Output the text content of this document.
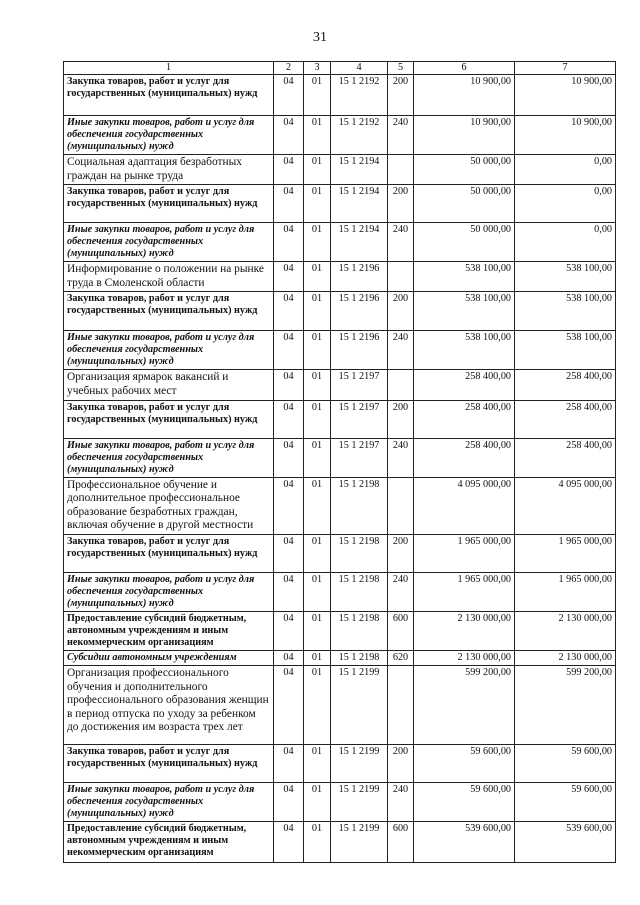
31
1	2	3	4	5	6	7
Закупка товаров, работ и услуг для государственных (муниципальных) нужд	04	01	15 1 2192	200	10 900,00	10 900,00
Иные закупки товаров, работ и услуг для обеспечения государственных (муниципальных) нужд	04	01	15 1 2192	240	10 900,00	10 900,00
Социальная адаптация безработных граждан на рынке труда	04	01	15 1 2194		50 000,00	0,00
Закупка товаров, работ и услуг для государственных (муниципальных) нужд	04	01	15 1 2194	200	50 000,00	0,00
Иные закупки товаров, работ и услуг для обеспечения государственных (муниципальных) нужд	04	01	15 1 2194	240	50 000,00	0,00
Информирование о положении на рынке труда в Смоленской области	04	01	15 1 2196		538 100,00	538 100,00
Закупка товаров, работ и услуг для государственных (муниципальных) нужд	04	01	15 1 2196	200	538 100,00	538 100,00
Иные закупки товаров, работ и услуг для обеспечения государственных (муниципальных) нужд	04	01	15 1 2196	240	538 100,00	538 100,00
Организация ярмарок вакансий и учебных рабочих мест	04	01	15 1 2197		258 400,00	258 400,00
Закупка товаров, работ и услуг для государственных (муниципальных) нужд	04	01	15 1 2197	200	258 400,00	258 400,00
Иные закупки товаров, работ и услуг для обеспечения государственных (муниципальных) нужд	04	01	15 1 2197	240	258 400,00	258 400,00
Профессиональное обучение и дополнительное профессиональное образование безработных граждан, включая обучение в другой местности	04	01	15 1 2198		4 095 000,00	4 095 000,00
Закупка товаров, работ и услуг для государственных (муниципальных) нужд	04	01	15 1 2198	200	1 965 000,00	1 965 000,00
Иные закупки товаров, работ и услуг для обеспечения государственных (муниципальных) нужд	04	01	15 1 2198	240	1 965 000,00	1 965 000,00
Предоставление субсидий бюджетным, автономным учреждениям и иным некоммерческим организациям	04	01	15 1 2198	600	2 130 000,00	2 130 000,00
Субсидии автономным учреждениям	04	01	15 1 2198	620	2 130 000,00	2 130 000,00
Организация профессионального обучения и дополнительного профессионального образования женщин в период отпуска по уходу за ребенком до достижения им возраста трех лет	04	01	15 1 2199		599 200,00	599 200,00
Закупка товаров, работ и услуг для государственных (муниципальных) нужд	04	01	15 1 2199	200	59 600,00	59 600,00
Иные закупки товаров, работ и услуг для обеспечения государственных (муниципальных) нужд	04	01	15 1 2199	240	59 600,00	59 600,00
Предоставление субсидий бюджетным, автономным учреждениям и иным некоммерческим организациям	04	01	15 1 2199	600	539 600,00	539 600,00
